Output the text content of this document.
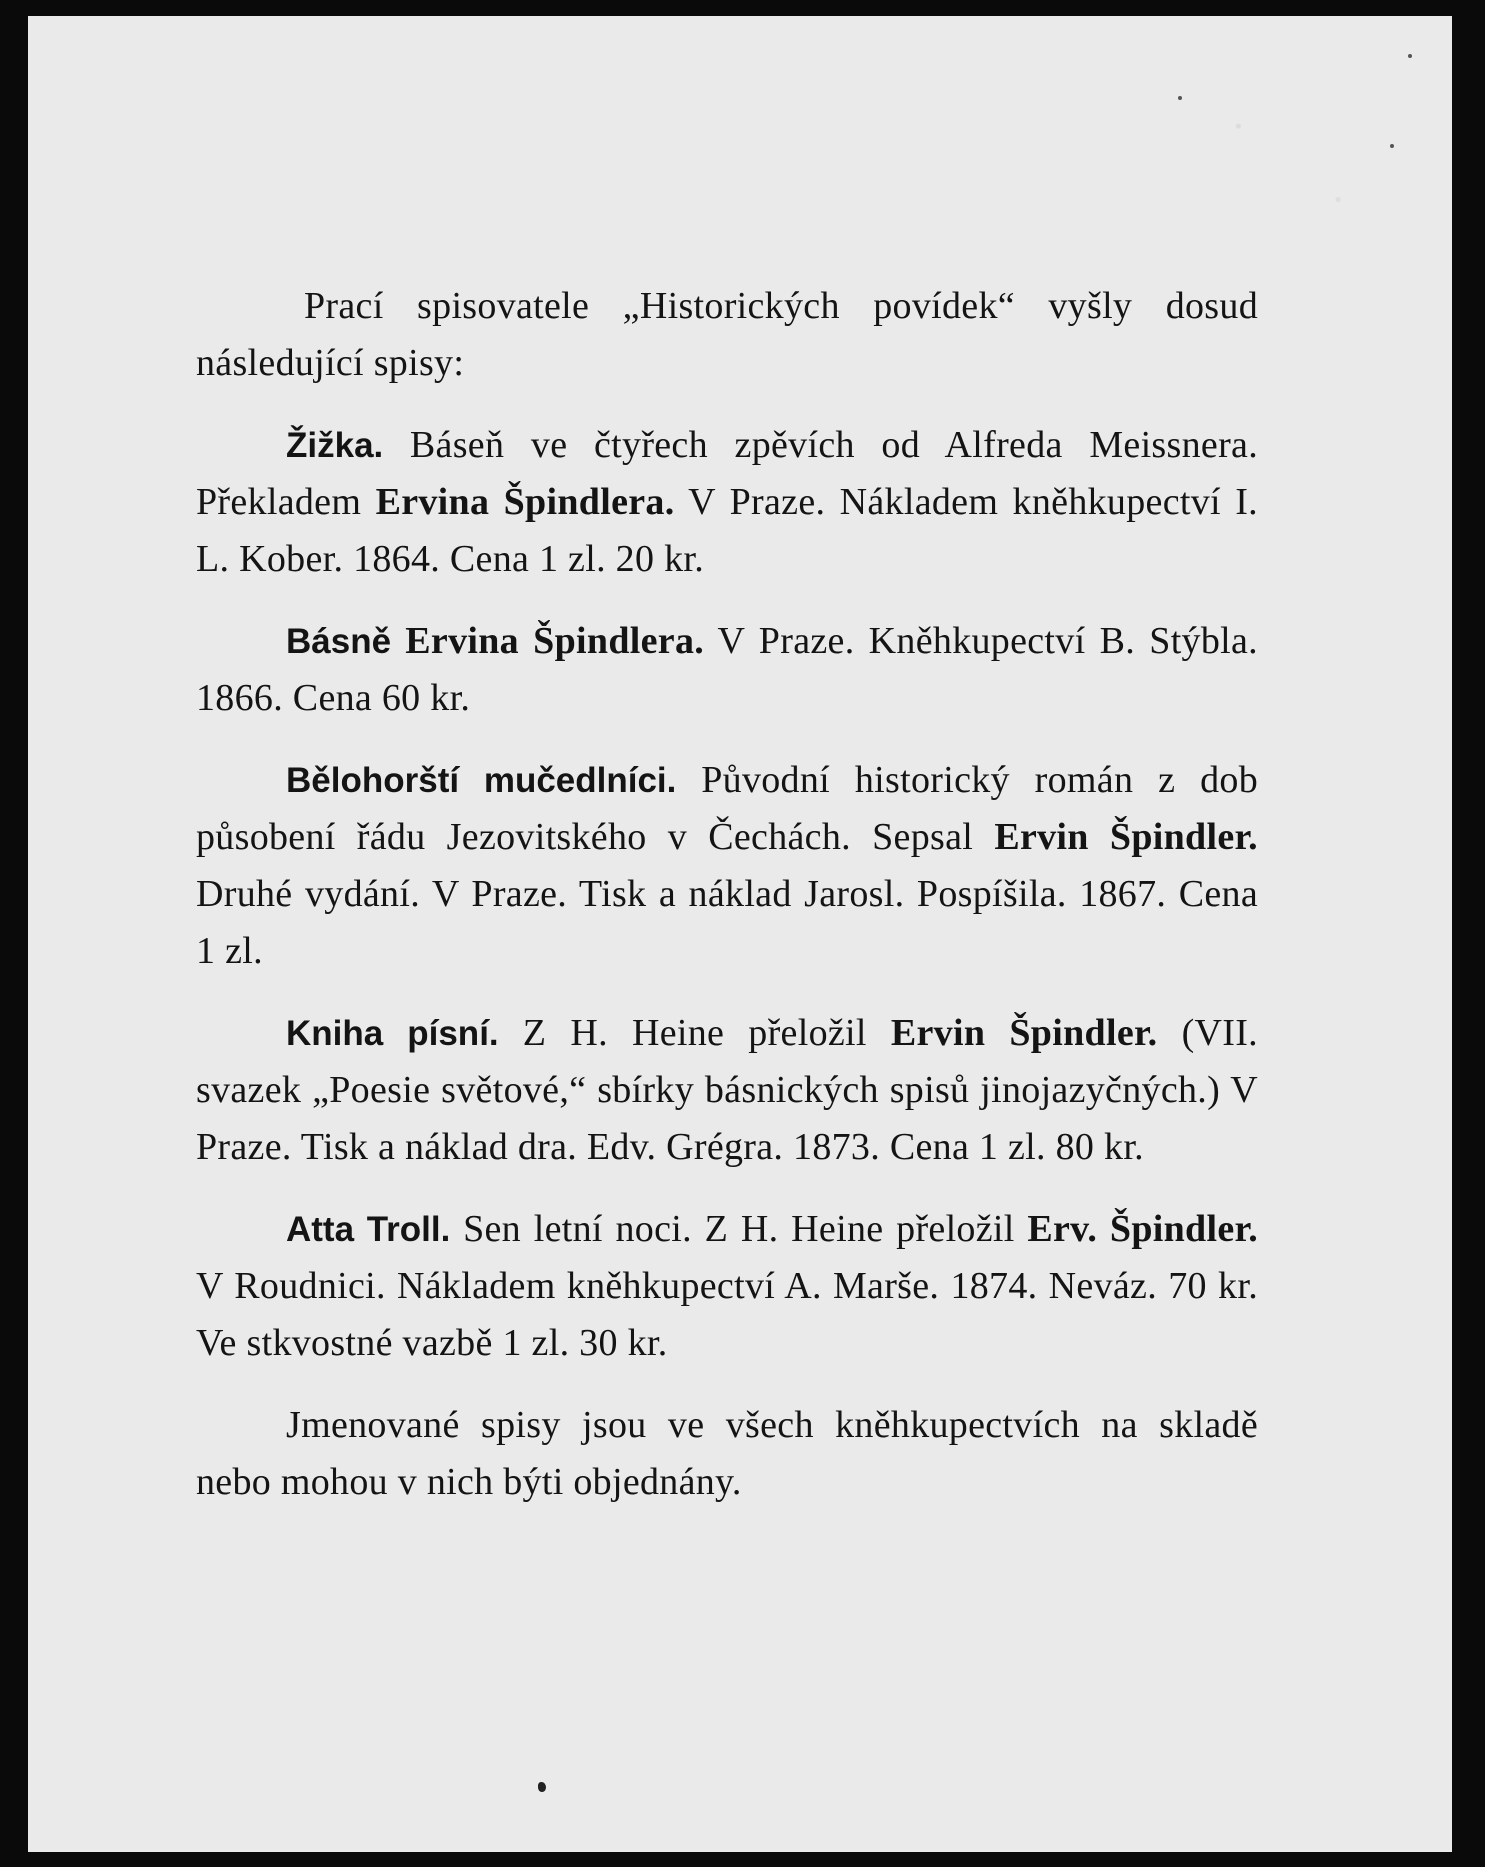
Prací spisovatele „Historických povídek“ vyšly dosud následující spisy:

Žižka. Báseň ve čtyřech zpěvích od Alfreda Meissnera. Překladem Ervina Špindlera. V Praze. Nákladem kněhkupectví I. L. Kober. 1864. Cena 1 zl. 20 kr.

Básně Ervina Špindlera. V Praze. Kněhkupectví B. Stýbla. 1866. Cena 60 kr.

Bělohorští mučedlníci. Původní historický román z dob působení řádu Jezovitského v Čechách. Sepsal Ervin Špindler. Druhé vydání. V Praze. Tisk a náklad Jarosl. Pospíšila. 1867. Cena 1 zl.

Kniha písní. Z H. Heine přeložil Ervin Špindler. (VII. svazek „Poesie světové,“ sbírky básnických spisů jinojazyčných.) V Praze. Tisk a náklad dra. Edv. Grégra. 1873. Cena 1 zl. 80 kr.

Atta Troll. Sen letní noci. Z H. Heine přeložil Erv. Špindler. V Roudnici. Nákladem kněhkupectví A. Marše. 1874. Neváz. 70 kr. Ve stkvostné vazbě 1 zl. 30 kr.

Jmenované spisy jsou ve všech kněhkupectvích na skladě nebo mohou v nich býti objednány.
